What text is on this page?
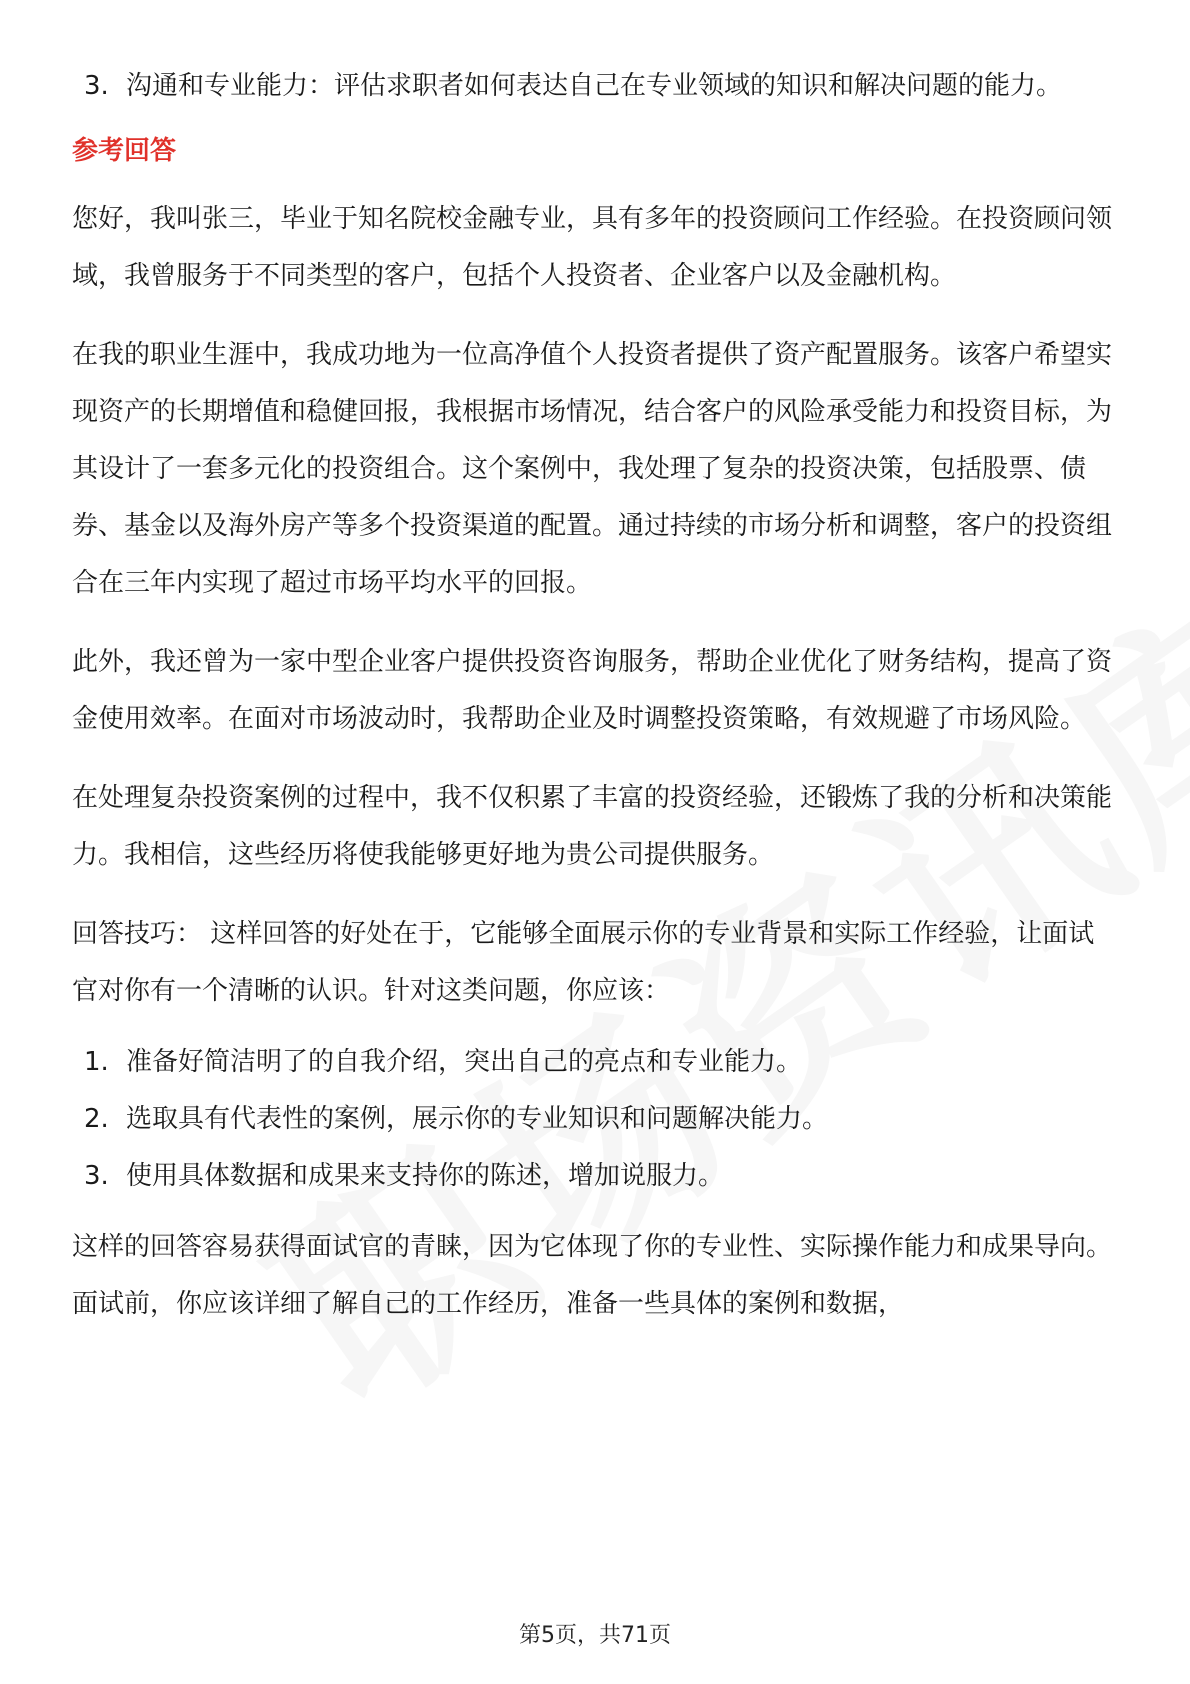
3. 沟通和专业能力：评估求职者如何表达自己在专业领域的知识和解决问题的能力。
参考回答

您好，我叫张三，毕业于知名院校金融专业，具有多年的投资顾问工作经验。在投资顾问领域，我曾服务于不同类型的客户，包括个人投资者、企业客户以及金融机构。

在我的职业生涯中，我成功地为一位高净值个人投资者提供了资产配置服务。该客户希望实现资产的长期增值和稳健回报，我根据市场情况，结合客户的风险承受能力和投资目标，为其设计了一套多元化的投资组合。这个案例中，我处理了复杂的投资决策，包括股票、债券、基金以及海外房产等多个投资渠道的配置。通过持续的市场分析和调整，客户的投资组合在三年内实现了超过市场平均水平的回报。

此外，我还曾为一家中型企业客户提供投资咨询服务，帮助企业优化了财务结构，提高了资金使用效率。在面对市场波动时，我帮助企业及时调整投资策略，有效规避了市场风险。

在处理复杂投资案例的过程中，我不仅积累了丰富的投资经验，还锻炼了我的分析和决策能力。我相信，这些经历将使我能够更好地为贵公司提供服务。

回答技巧： 这样回答的好处在于，它能够全面展示你的专业背景和实际工作经验，让面试官对你有一个清晰的认识。针对这类问题，你应该：

1. 准备好简洁明了的自我介绍，突出自己的亮点和专业能力。
2. 选取具有代表性的案例，展示你的专业知识和问题解决能力。
3. 使用具体数据和成果来支持你的陈述，增加说服力。

这样的回答容易获得面试官的青睐，因为它体现了你的专业性、实际操作能力和成果导向。面试前，你应该详细了解自己的工作经历，准备一些具体的案例和数据，

第5页，共71页
